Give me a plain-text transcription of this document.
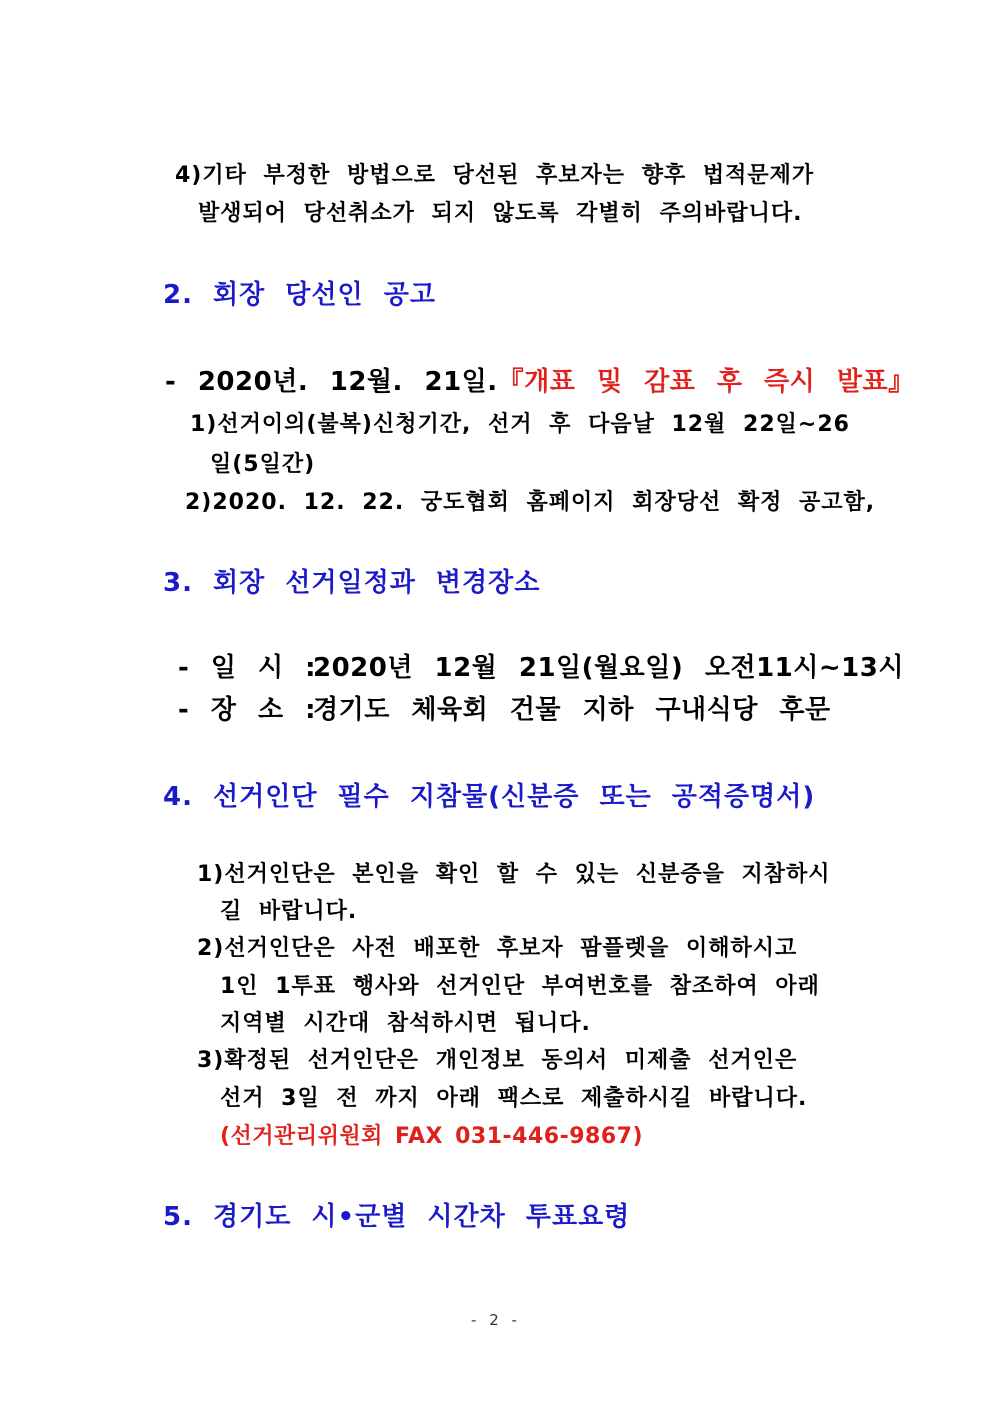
4)기타 부정한 방법으로 당선된 후보자는 향후 법적문제가
발생되어 당선취소가 되지 않도록 각별히 주의바랍니다.
2. 회장 당선인 공고
- 2020년. 12월. 21일.『개표 및 감표 후 즉시 발표』
1)선거이의(불복)신청기간, 선거 후 다음날 12월 22일~26
일(5일간)
2)2020. 12. 22. 궁도협회 홈페이지 회장당선 확정 공고함,
3. 회장 선거일정과 변경장소
- 일 시 :
2020년 12월 21일(월요일) 오전11시~13시
- 장 소 :
경기도 체육회 건물 지하 구내식당 후문
4. 선거인단 필수 지참물(신분증 또는 공적증명서)
1)선거인단은 본인을 확인 할 수 있는 신분증을 지참하시
길 바랍니다.
2)선거인단은 사전 배포한 후보자 팜플렛을 이해하시고
1인 1투표 행사와 선거인단 부여번호를 참조하여 아래
지역별 시간대 참석하시면 됩니다.
3)확정된 선거인단은 개인정보 동의서 미제출 선거인은
선거 3일 전 까지 아래 팩스로 제출하시길 바랍니다.
(선거관리위원회 FAX 031-446-9867)
5. 경기도 시•군별 시간차 투표요령
- 2 -
